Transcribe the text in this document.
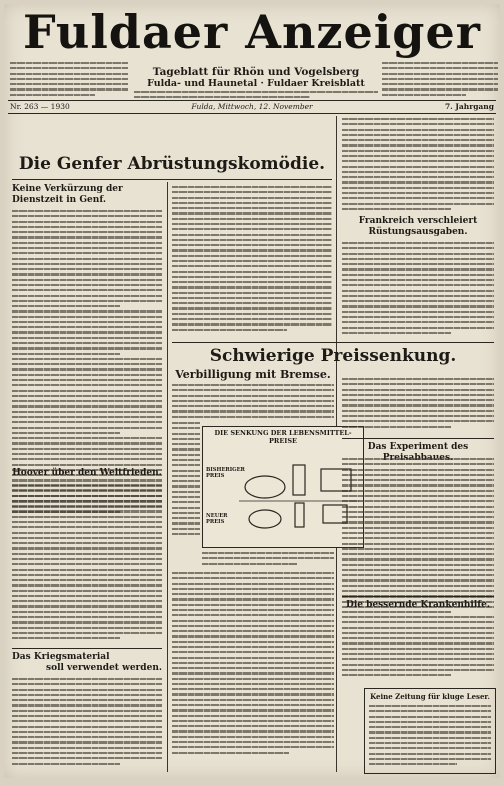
Fuldaer Anzeiger
Tageblatt für Rhön und Vogelsberg
Fulda- und Haunetal · Fuldaer Kreisblatt
Nr. 263 — 1930	Fulda, Mittwoch, 12. November	7. Jahrgang
Die Genfer Abrüstungskomödie.
Keine Verkürzung der Dienstzeit in Genf.
Hoover über den Weltfrieden.
Das Kriegsmaterial
soll verwendet werden.
Schwierige Preissenkung.
Verbilligung mit Bremse.
DIE SENKUNG DER LEBENSMITTEL-PREISE
BISHERIGER PREIS
NEUER PREIS
Frankreich verschleiert Rüstungsausgaben.
Das Experiment des
Die bessernde Krankenhilfe.
Keine Zeitung für kluge Leser.
